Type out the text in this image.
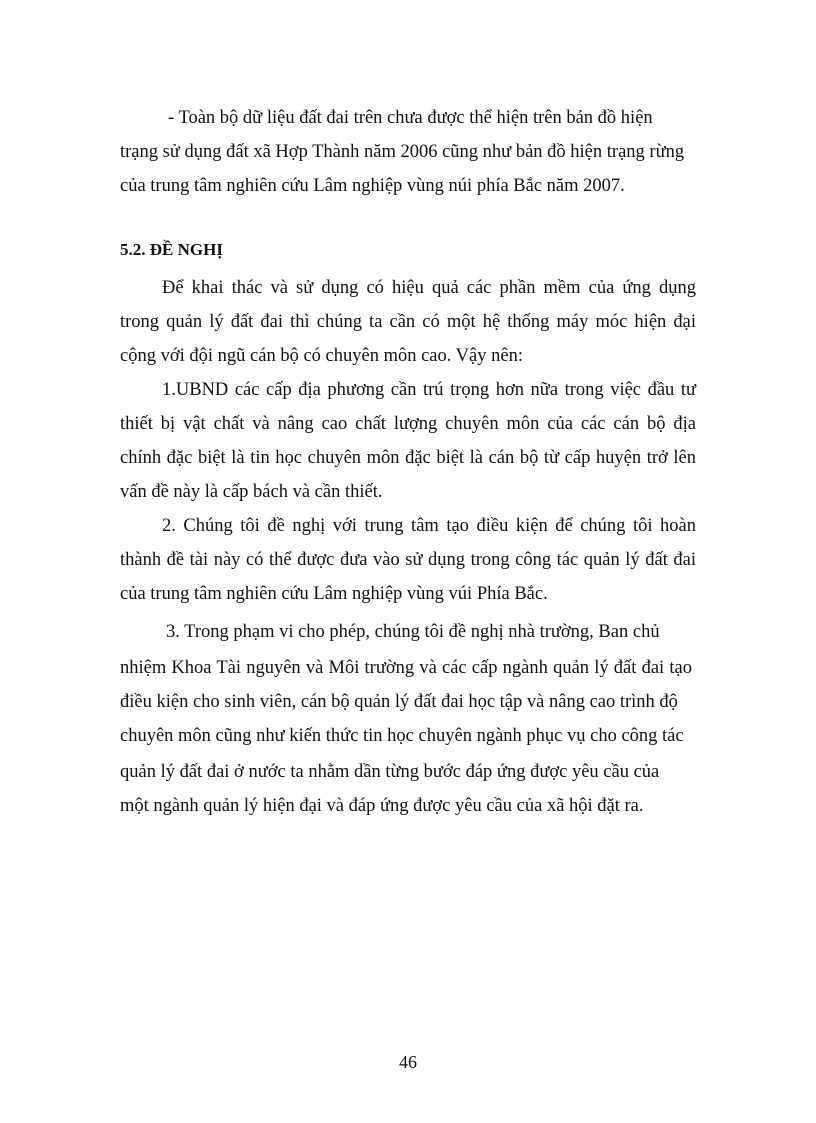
- Toàn bộ dữ liệu đất đai trên chưa được thể hiện trên bản đồ hiện
trạng sử dụng đất xã Hợp Thành năm 2006 cũng như bản đồ hiện trạng rừng
của trung tâm nghiên cứu Lâm nghiệp vùng núi phía Bắc năm 2007.
5.2. ĐỀ NGHỊ
Để khai thác và sử dụng có hiệu quả các phần mềm của ứng dụng
trong quản lý đất đai thì chúng ta cần có một hệ thống máy móc hiện đại
cộng với đội ngũ cán bộ có chuyên môn cao. Vậy nên:
1.UBND các cấp địa phương cần trú trọng hơn nữa trong việc đầu tư
thiết bị vật chất và nâng cao chất lượng chuyên môn của các cán bộ địa
chính đặc biệt là tin học chuyên môn đặc biệt là cán bộ từ cấp huyện trở lên
vấn đề này là cấp bách và cần thiết.
2. Chúng tôi đề nghị với trung tâm tạo điều kiện để chúng tôi hoàn
thành đề tài này có thể được đưa vào sử dụng trong công tác quản lý đất đai
của trung tâm nghiên cứu Lâm nghiệp vùng vúi Phía Bắc.
3. Trong phạm vi cho phép, chúng tôi đề nghị nhà trường, Ban chủ
nhiệm Khoa Tài nguyên và Môi trường và các cấp ngành quản lý đất đai tạo
điều kiện cho sinh viên, cán bộ quản lý đất đai học tập và nâng cao trình độ
chuyên môn cũng như kiến thức tin học chuyên ngành phục vụ cho công tác
quản lý đất đai ở nước ta nhằm dần từng bước đáp ứng được yêu cầu của
một ngành quản lý hiện đại và đáp ứng được yêu cầu của xã hội đặt ra.
46
